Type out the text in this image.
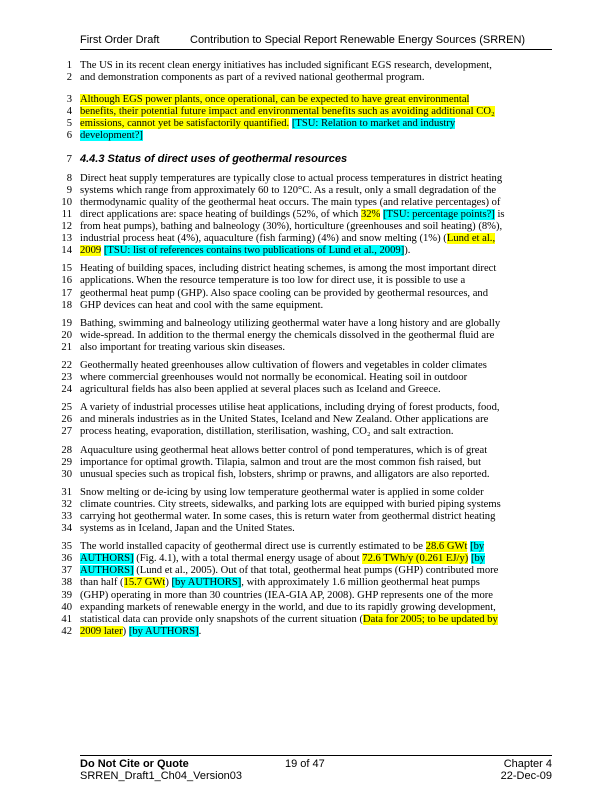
First Order Draft	Contribution to Special Report Renewable Energy Sources (SRREN)
1 The US in its recent clean energy initiatives has included significant EGS research, development,
2 and demonstration components as part of a revived national geothermal program.
3 Although EGS power plants, once operational, can be expected to have great environmental
4 benefits, their potential future impact and environmental benefits such as avoiding additional CO₂
5 emissions, cannot yet be satisfactorily quantified. [TSU: Relation to market and industry
6 development?]
7 4.4.3 Status of direct uses of geothermal resources
8 Direct heat supply temperatures are typically close to actual process temperatures in district heating
9 systems which range from approximately 60 to 120°C. As a result, only a small degradation of the
10 thermodynamic quality of the geothermal heat occurs. The main types (and relative percentages) of
11 direct applications are: space heating of buildings (52%, of which 32% [TSU: percentage points?] is
12 from heat pumps), bathing and balneology (30%), horticulture (greenhouses and soil heating) (8%),
13 industrial process heat (4%), aquaculture (fish farming) (4%) and snow melting (1%) (Lund et al.,
14 2009 [TSU: list of references contains two publications of Lund et al., 2009]).
15 Heating of building spaces, including district heating schemes, is among the most important direct
16 applications. When the resource temperature is too low for direct use, it is possible to use a
17 geothermal heat pump (GHP). Also space cooling can be provided by geothermal resources, and
18 GHP devices can heat and cool with the same equipment.
19 Bathing, swimming and balneology utilizing geothermal water have a long history and are globally
20 wide-spread. In addition to the thermal energy the chemicals dissolved in the geothermal fluid are
21 also important for treating various skin diseases.
22 Geothermally heated greenhouses allow cultivation of flowers and vegetables in colder climates
23 where commercial greenhouses would not normally be economical. Heating soil in outdoor
24 agricultural fields has also been applied at several places such as Iceland and Greece.
25 A variety of industrial processes utilise heat applications, including drying of forest products, food,
26 and minerals industries as in the United States, Iceland and New Zealand. Other applications are
27 process heating, evaporation, distillation, sterilisation, washing, CO₂ and salt extraction.
28 Aquaculture using geothermal heat allows better control of pond temperatures, which is of great
29 importance for optimal growth. Tilapia, salmon and trout are the most common fish raised, but
30 unusual species such as tropical fish, lobsters, shrimp or prawns, and alligators are also reported.
31 Snow melting or de-icing by using low temperature geothermal water is applied in some colder
32 climate countries. City streets, sidewalks, and parking lots are equipped with buried piping systems
33 carrying hot geothermal water. In some cases, this is return water from geothermal district heating
34 systems as in Iceland, Japan and the United States.
35 The world installed capacity of geothermal direct use is currently estimated to be 28.6 GWt [by
36 AUTHORS] (Fig. 4.1), with a total thermal energy usage of about 72.6 TWh/y (0.261 EJ/y) [by
37 AUTHORS] (Lund et al., 2005). Out of that total, geothermal heat pumps (GHP) contributed more
38 than half (15.7 GWt) [by AUTHORS], with approximately 1.6 million geothermal heat pumps
39 (GHP) operating in more than 30 countries (IEA-GIA AP, 2008). GHP represents one of the more
40 expanding markets of renewable energy in the world, and due to its rapidly growing development,
41 statistical data can provide only snapshots of the current situation (Data for 2005; to be updated by
42 2009 later) [by AUTHORS].
Do Not Cite or Quote	19 of 47	Chapter 4
SRREN_Draft1_Ch04_Version03	22-Dec-09
